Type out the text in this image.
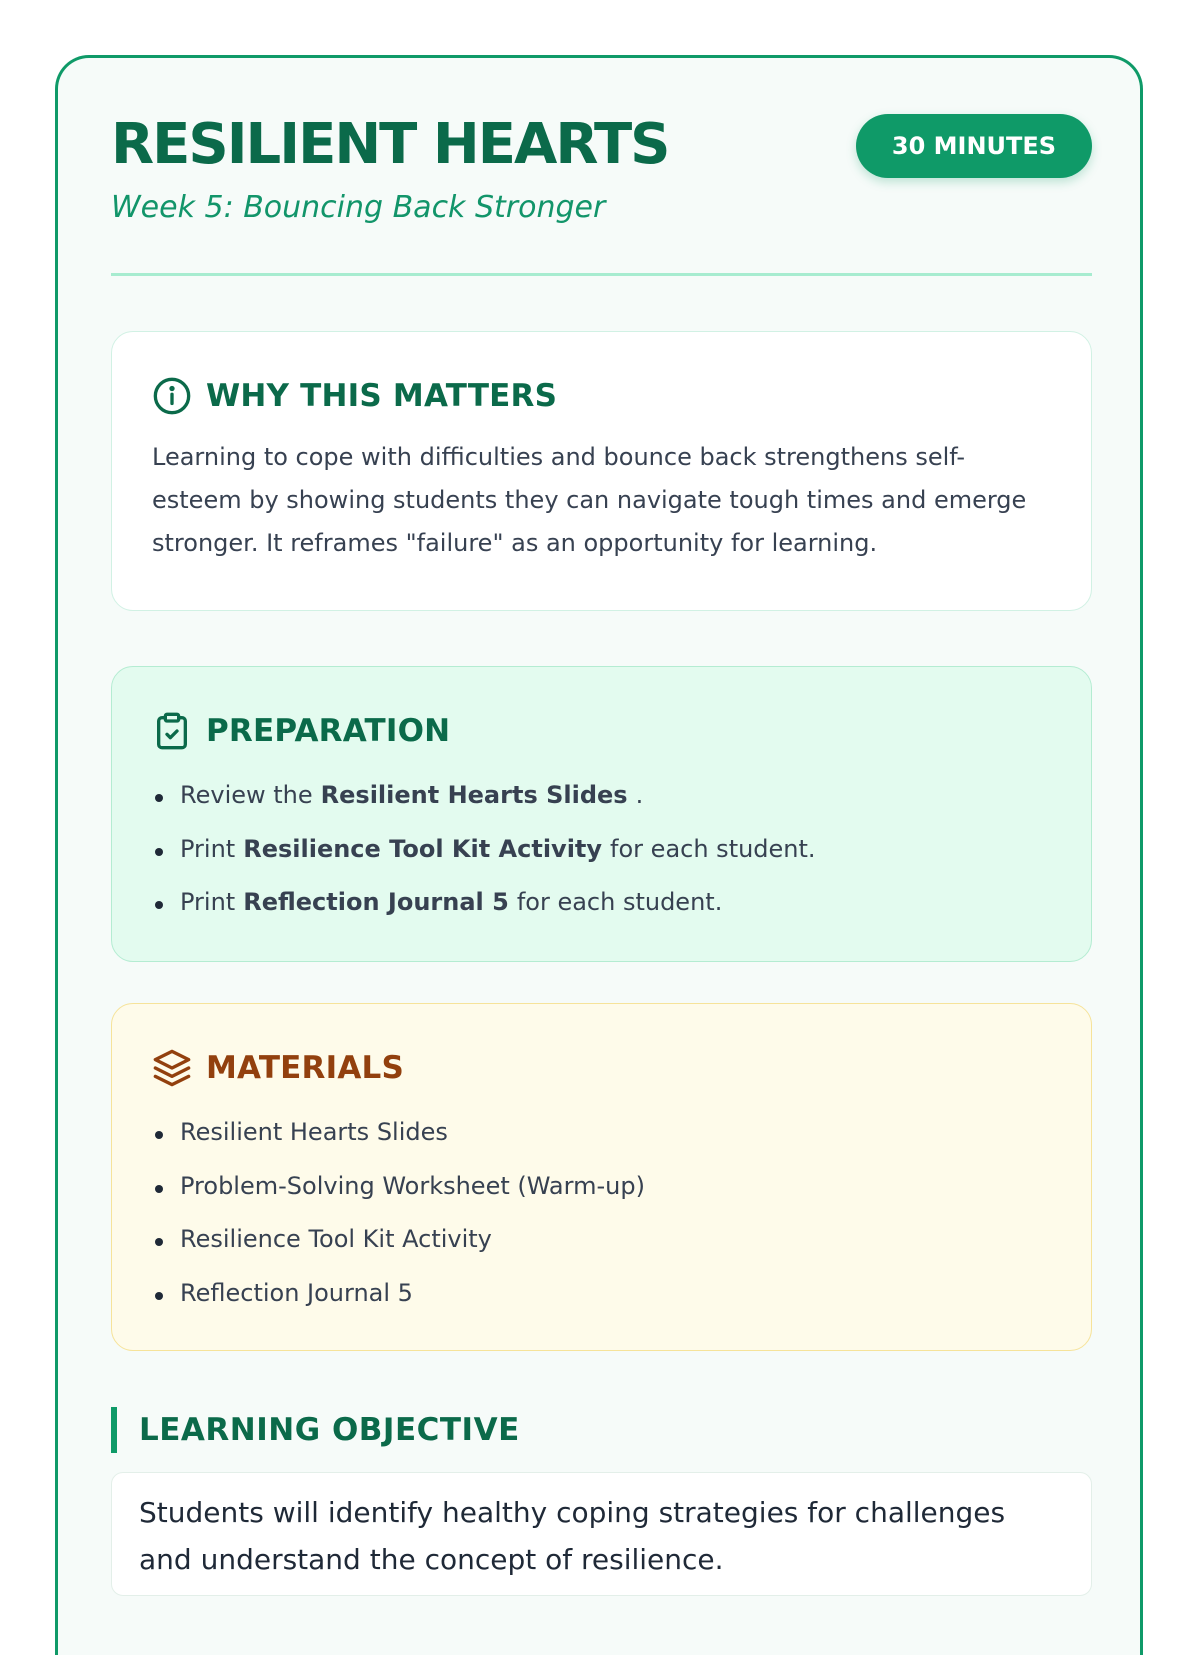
RESILIENT HEARTS

Week 5: Bouncing Back Stronger

30 MINUTES
WHY THIS MATTERS

Learning to cope with difficulties and bounce back strengthens self-esteem by showing students they can navigate tough times and emerge stronger. It reframes "failure" as an opportunity for learning.

PREPARATION
Review the Resilient Hearts Slides .
Print Resilience Tool Kit Activity for each student.
Print Reflection Journal 5 for each student.
MATERIALS
Resilient Hearts Slides
Problem-Solving Worksheet (Warm-up)
Resilience Tool Kit Activity
Reflection Journal 5
LEARNING OBJECTIVE

Students will identify healthy coping strategies for challenges and understand the concept of resilience.
